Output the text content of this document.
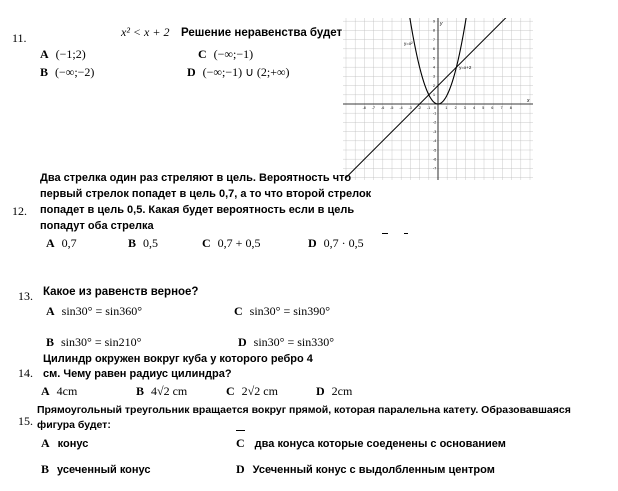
11.	x² < x + 2 Решение неравенства будет
A (−1;2)	C (−∞;−1)
B (−∞;−2)	D (−∞;−1) ∪ (2;+∞)
-8 -7 -6 -5 -4 -3 -2 -1	1 2 3 4 5 6 7 8
9
8
7
6
5
4
3
2
1
-1
-2
-3
-4
-5
-6
-7
0
x
y
y=x²
y=x+2
12.
Два стрелка один раз стреляют в цель. Вероятность что
первый стрелок попадет в цель 0,7, а то что второй стрелок
попадет в цель 0,5. Какая будет вероятность если в цель
попадут оба стрелка
A 0,7	B 0,5	C 0,7 + 0,5	D 0,7 · 0,5
13. Какое из равенств верное?
A sin30° = sin360°	C sin30° = sin390°
B sin30° = sin210°	D sin30° = sin330°
14.
Цилиндр окружен вокруг куба у которого ребро 4
см. Чему равен радиус цилиндра?
A 4cm	B 4√2 cm	C 2√2 cm	D 2cm
15.
Прямоугольный треугольник вращается вокруг прямой, которая паралельна катету. Образовавшаяся
фигура будет:
A конус	C два конуса которые соеденены с основанием
B усеченный конус	D Усеченный конус с выдолбленным центром
